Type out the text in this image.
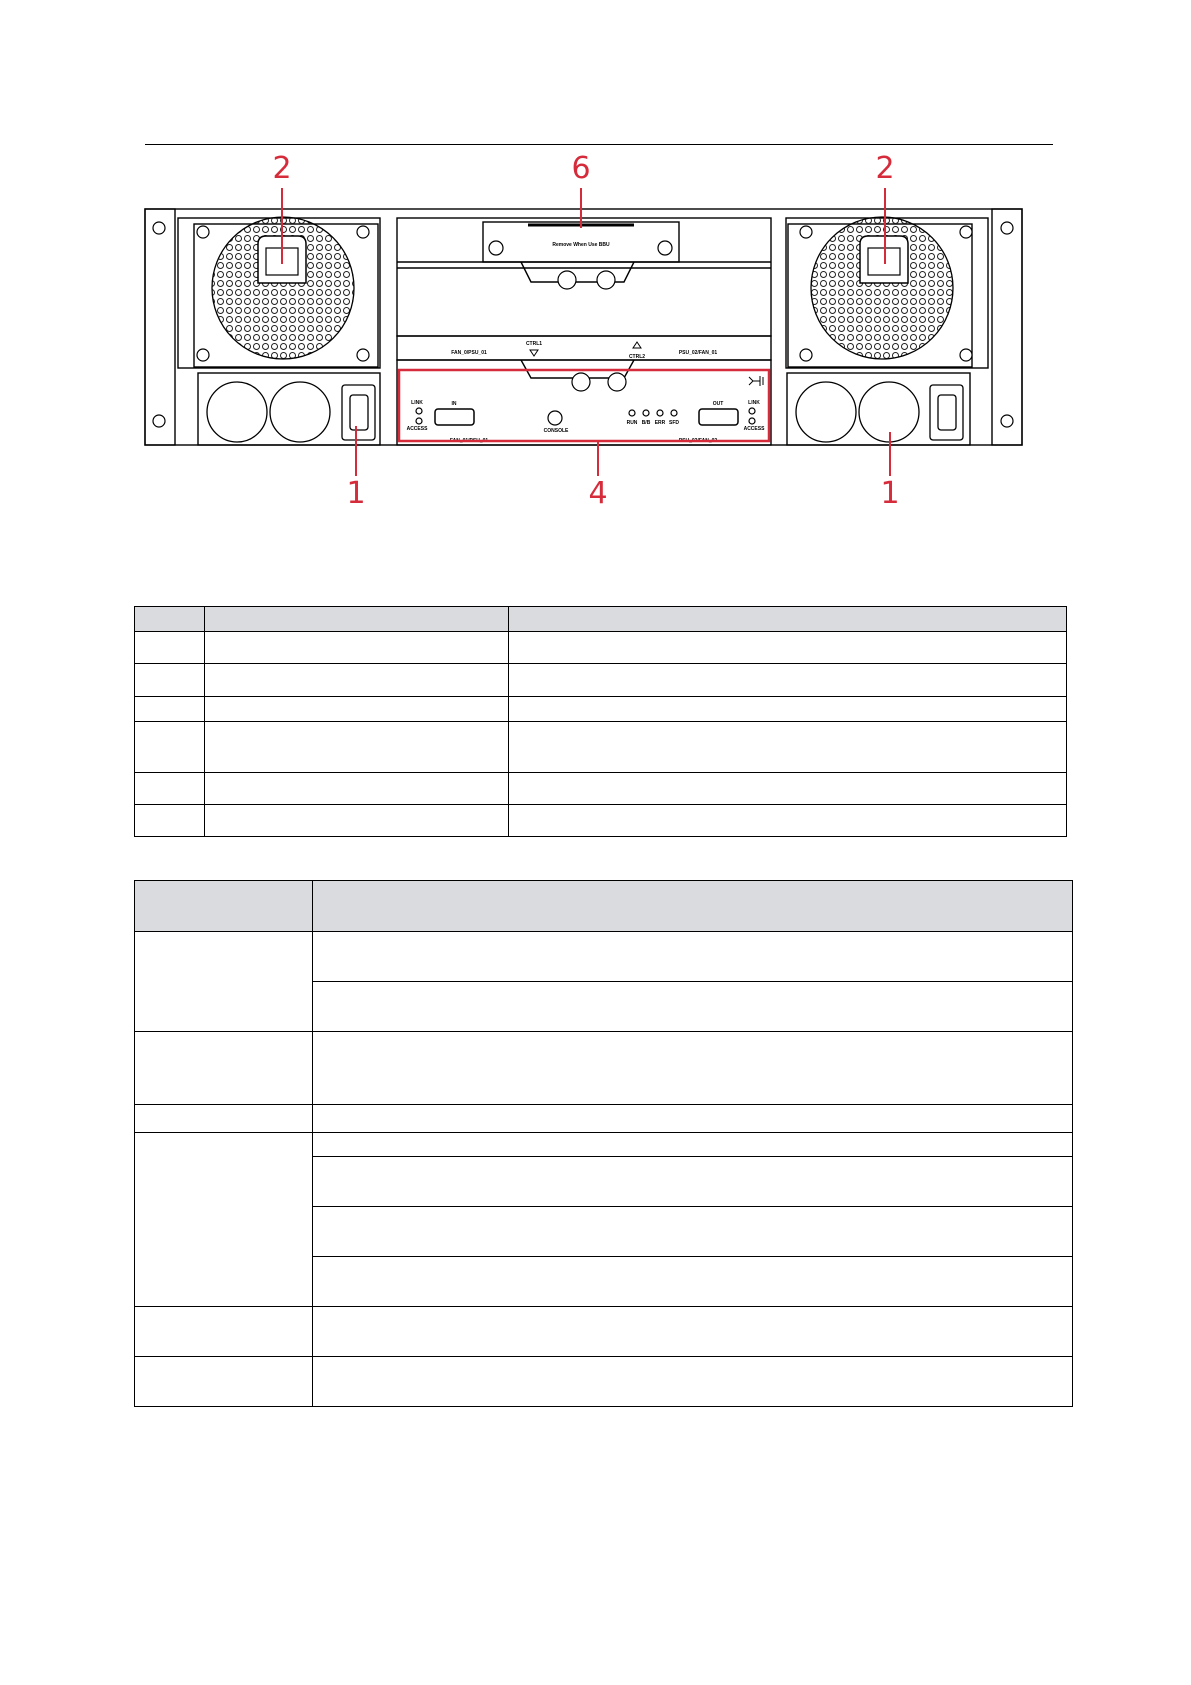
Remove When Use BBU
FAN_0/PSU_01	PSU_02/FAN_01
CTRL1
CTRL2
LINK
ACCESS
IN
CONSOLE
RUN B/B ERR SFD
OUT	LINK
ACCESS
FAN_01/PSU_01	PSU_02/FAN_02
2	6	2
1	4	1
